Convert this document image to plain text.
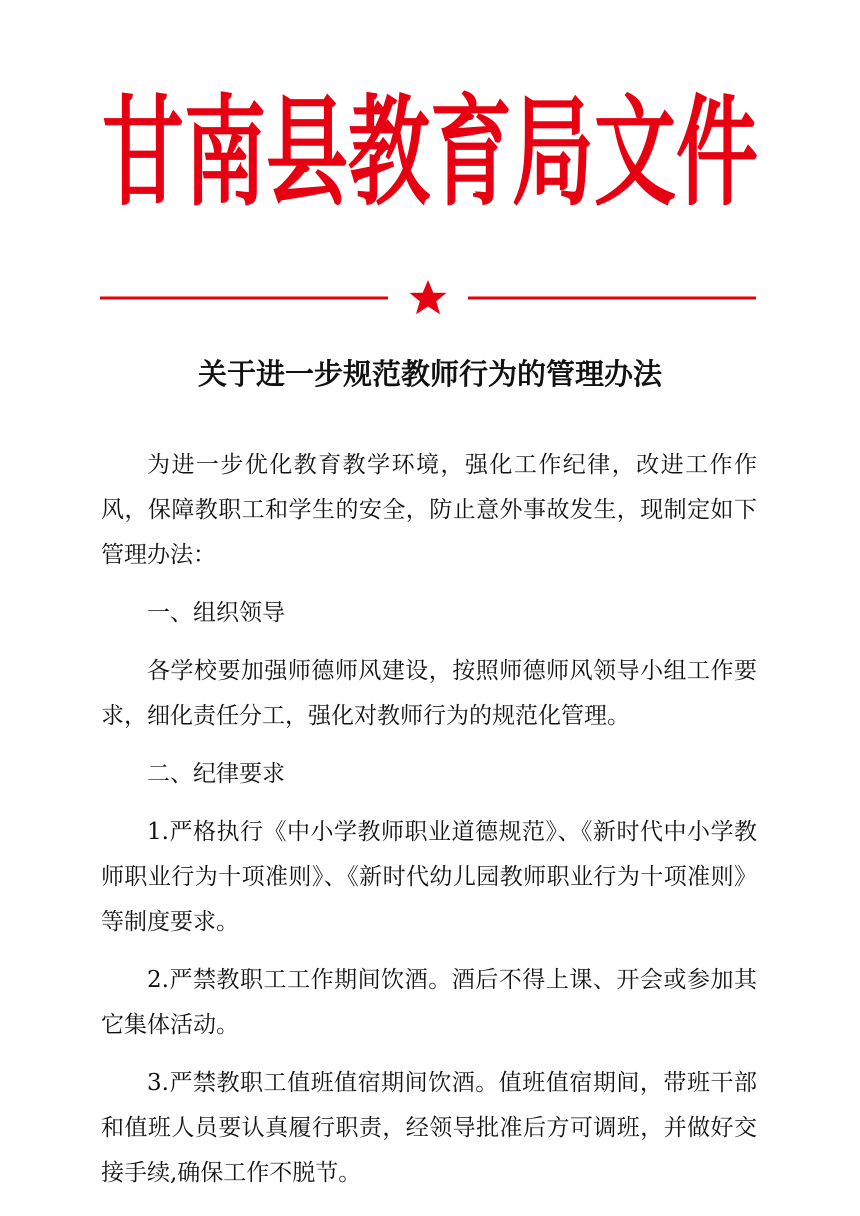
甘南县教育局文件
关于进一步规范教师行为的管理办法

为进一步优化教育教学环境，强化工作纪律，改进工作作风，保障教职工和学生的安全，防止意外事故发生，现制定如下管理办法：

一、组织领导

各学校要加强师德师风建设，按照师德师风领导小组工作要求，细化责任分工，强化对教师行为的规范化管理。

二、纪律要求

1.严格执行《中小学教师职业道德规范》、《新时代中小学教师职业行为十项准则》、《新时代幼儿园教师职业行为十项准则》等制度要求。

2.严禁教职工工作期间饮酒。酒后不得上课、开会或参加其它集体活动。

3.严禁教职工值班值宿期间饮酒。值班值宿期间，带班干部和值班人员要认真履行职责，经领导批准后方可调班，并做好交接手续,确保工作不脱节。
